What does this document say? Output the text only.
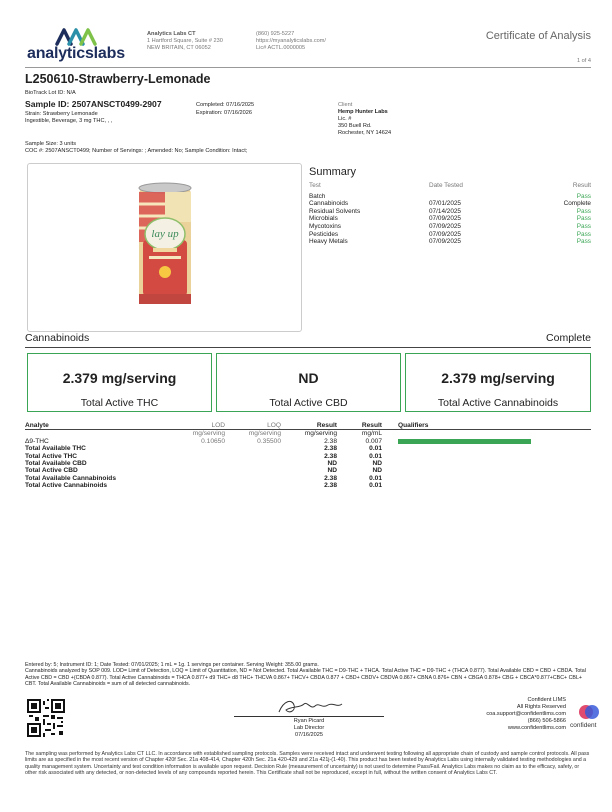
analyticslabs
Analytics Labs CT
1 Hartford Square, Suite # 230
NEW BRITAIN, CT 06052
(860) 925-5227
https://myanalyticslabs.com/
Lic# ACTL.0000005
Certificate of Analysis
1 of 4
L250610-Strawberry-Lemonade
BioTrack Lot ID: N/A
Sample ID: 2507ANSCT0499-2907
Strain: Strawberry Lemonade
Ingestible, Beverage, 3 mg THC, , ,
Completed: 07/16/2025
Expiration: 07/16/2026
Sample Size: 3 units
COC #: 2507ANSCT0499; Number of Servings: ; Amended: No; Sample Condition: Intact;
Client
Hemp Hunter Labs
Lic. #
350 Buell Rd.
Rochester, NY 14624
lay up
Summary
Test	Date Tested	Result

Batch		Pass
Cannabinoids	07/01/2025	Complete
Residual Solvents	07/14/2025	Pass
Microbials	07/09/2025	Pass
Mycotoxins	07/09/2025	Pass
Pesticides	07/09/2025	Pass
Heavy Metals	07/09/2025	Pass
Cannabinoids	Complete
2.379 mg/serving
Total Active THC
ND
Total Active CBD
2.379 mg/serving
Total Active Cannabinoids
Analyte	LOD	LOQ	Result	Result	Qualifiers

	mg/serving	mg/serving	mg/serving	mg/mL	
Δ9-THC	0.10650	0.35500	2.38	0.007	

Total Available THC			2.38	0.01	
Total Active THC			2.38	0.01	
Total Available CBD			ND	ND	
Total Active CBD			ND	ND	
Total Available Cannabinoids			2.38	0.01	
Total Active Cannabinoids			2.38	0.01	
Entered by: 5; Instrument ID: 1; Date Tested: 07/01/2025; 1 mL = 1g. 1 servings per container. Serving Weight: 355.00 grams.
Cannabinoids analyzed by SOP 009. LOD= Limit of Detection, LOQ = Limit of Quantitation, ND = Not Detected. Total Available THC = D9-THC + THCA. Total Active THC = D9-THC + (THCA 0.877). Total Available CBD = CBD + CBDA. Total Active CBD = CBD +(CBDA 0.877). Total Active Cannabinoids = THCA 0.877+ d9 THC+ d8 THC+ THCVA 0.867+ THCV+ CBDA 0.877 + CBD+ CBDV+ CBDVA 0.867+ CBNA 0.876+ CBN + CBGA 0.878+ CBG + CBCA*0.877+CBC+ CBL+ CBT. Total Available Cannabinoids = sum of all detected cannabinoids.
Ryan Picard
Lab Director
07/16/2025
Confident LIMS
All Rights Reserved
coa.support@confidentlims.com
(866) 506-5866
www.confidentlims.com confident
The sampling was performed by Analytics Labs CT LLC. In accordance with established sampling protocols. Samples were received intact and underwent testing following all appropriate chain of custody and sample control protocols. All pass limits are as specified in the most recent version of Chapter 420f Sec. 21a 408-414, Chapter 420h Sec. 21a 420-429 and 21a 421j-(1-40). This product has been tested by Analytics Labs using internally validated testing methodologies and a quality management system. Uncertainty and test condition information is available upon request. Decision Rule (measurement of uncertainty) is not used to determine Pass/Fail. Analytics Labs makes no claim as to the efficacy, safety, or other risk associated with any detected, or non-detected levels of any compounds reported herein. This Certificate shall not be reproduced, except in full, without the written consent of Analytics Labs CT.
